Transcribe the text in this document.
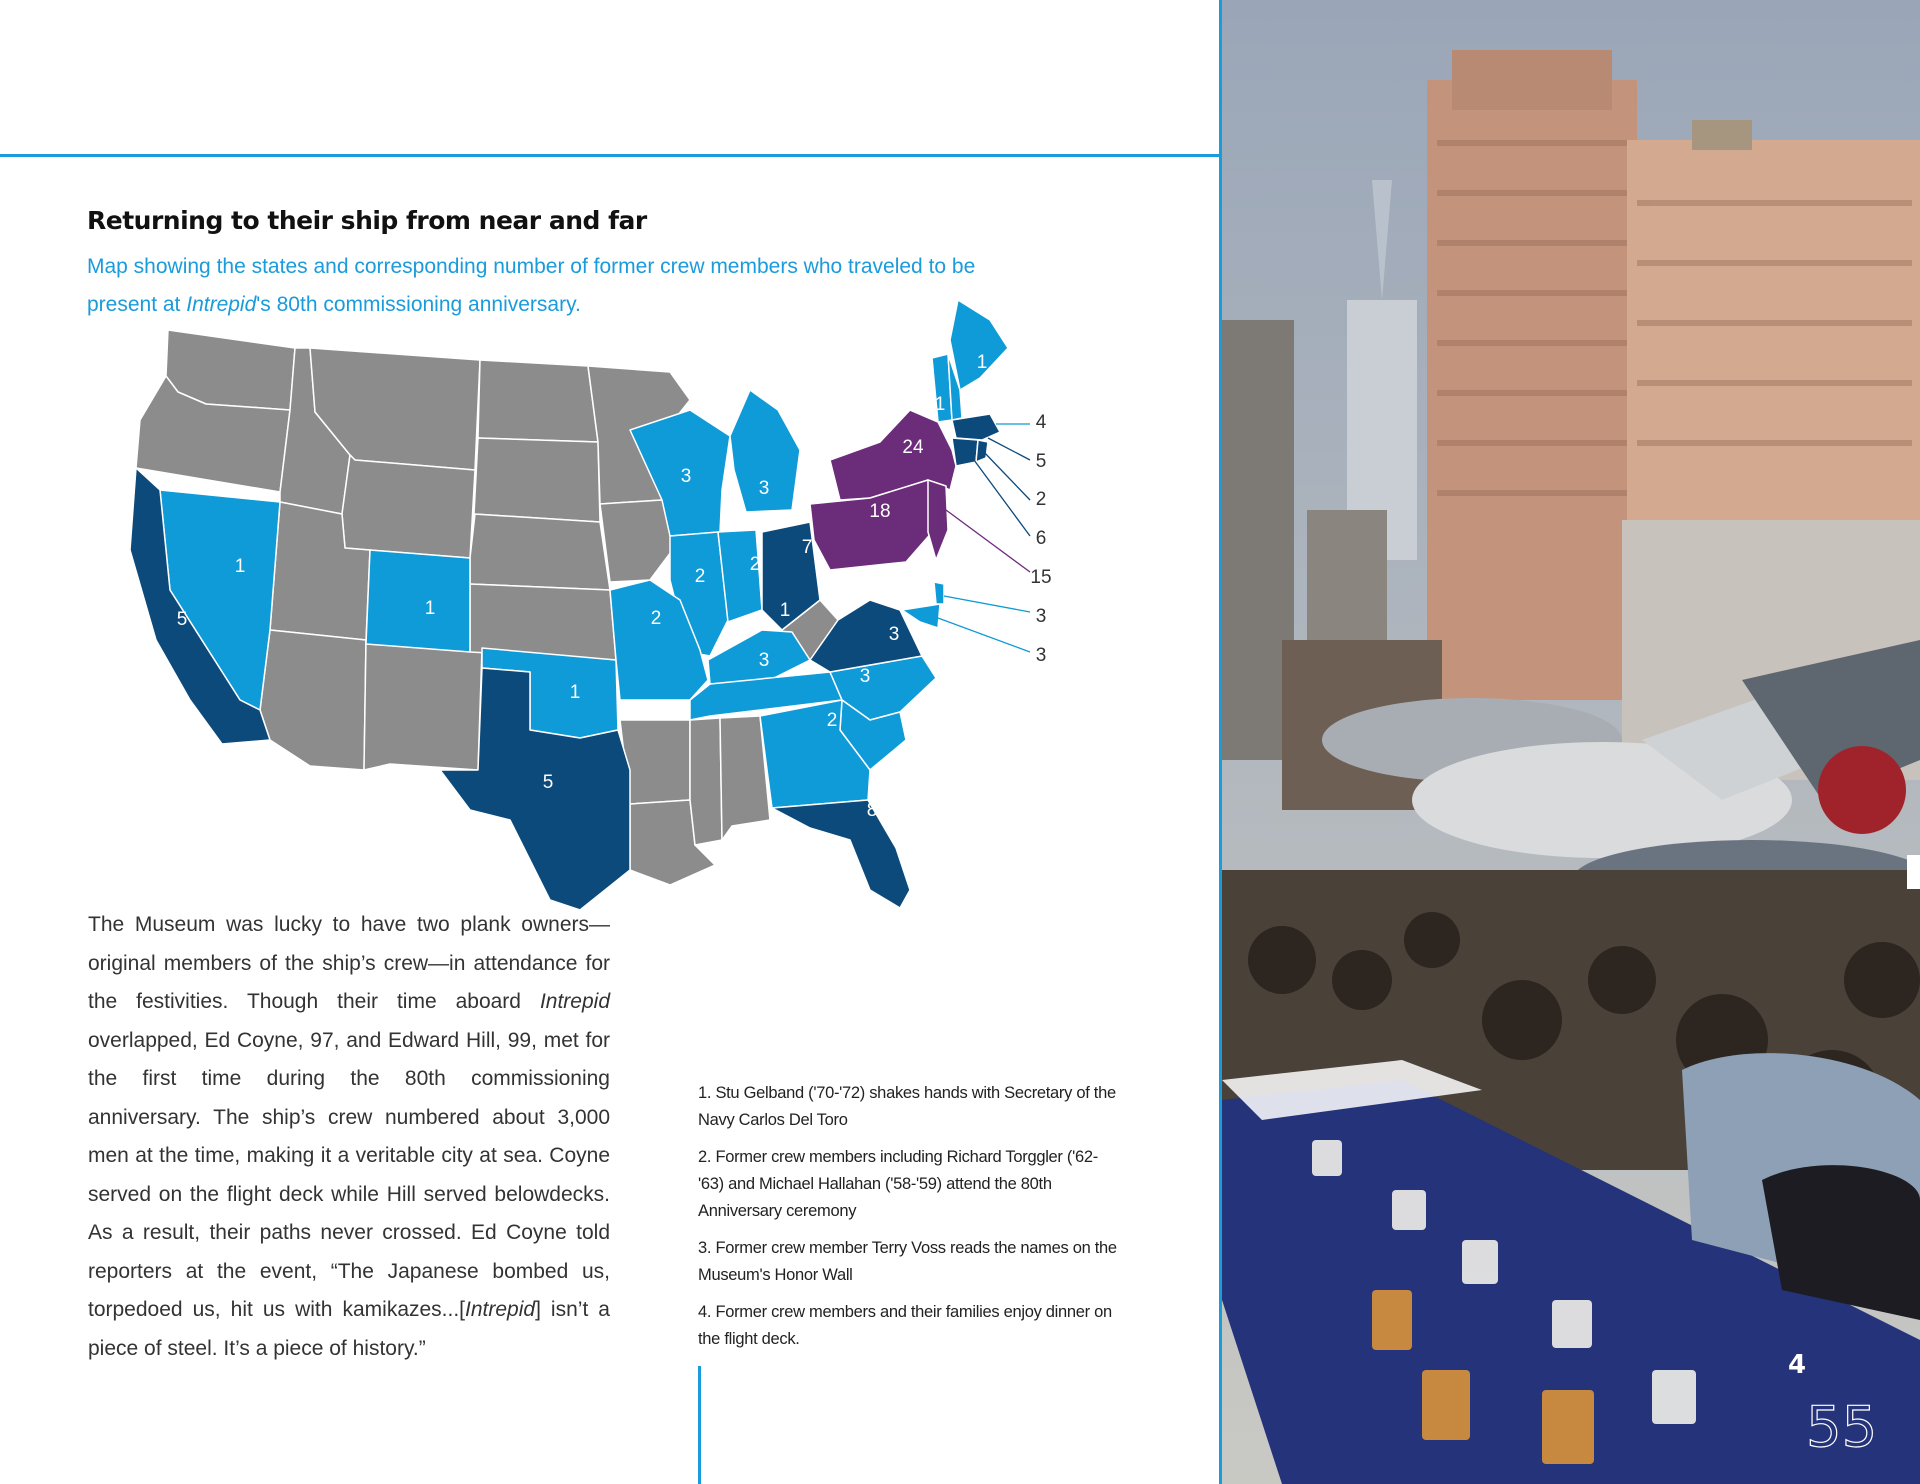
Returning to their ship from near and far

Map showing the states and corresponding number of former crew members who traveled to be present at Intrepid's 80th commissioning anniversary.

5
1
1
1
5
3
3
2
2
2
7
1
3
6
3
3
2
8
24
18
1
1
4
5
2
6
15
3
3

The Museum was lucky to have two plank owners—original members of the ship’s crew—in attendance for the festivities. Though their time aboard Intrepid overlapped, Ed Coyne, 97, and Edward Hill, 99, met for the first time during the 80th commissioning anniversary. The ship’s crew numbered about 3,000 men at the time, making it a veritable city at sea. Coyne served on the flight deck while Hill served belowdecks. As a result, their paths never crossed. Ed Coyne told reporters at the event, “The Japanese bombed us, torpedoed us, hit us with kamikazes...[Intrepid] isn’t a piece of steel. It’s a piece of history.”

1. Stu Gelband ('70-'72) shakes hands with Secretary of the Navy Carlos Del Toro

2. Former crew members including Richard Torggler ('62-'63) and Michael Hallahan ('58-'59) attend the 80th Anniversary ceremony

3. Former crew member Terry Voss reads the names on the Museum's Honor Wall

4. Former crew members and their families enjoy dinner on the flight deck.

4
55
